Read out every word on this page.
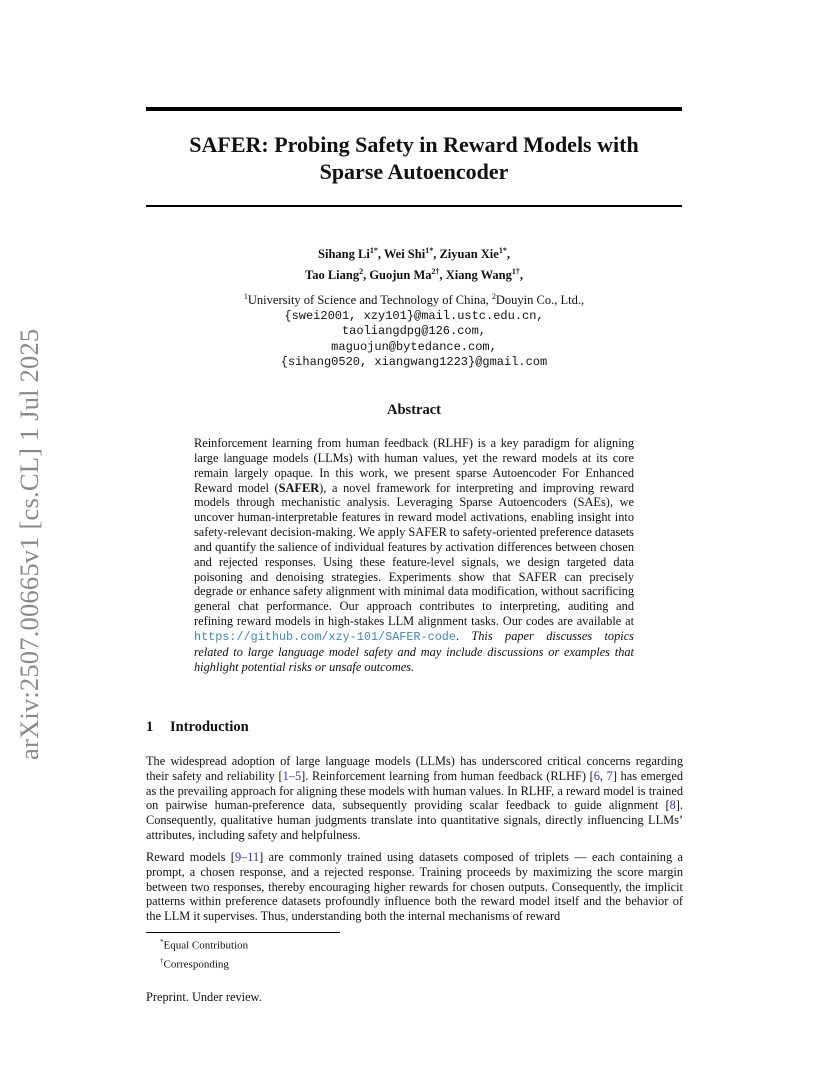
arXiv:2507.00665v1 [cs.CL] 1 Jul 2025
SAFER: Probing Safety in Reward Models with
Sparse Autoencoder
Sihang $Li^{1*}$, Wei Shi$^{1*}$, Ziyuan Xie$^{1*}$,
Tao Liang$^2$, Guojun $Ma^{2\dagger}$, Xiang Wang$^{1\dagger}$,
$^1$University of Science and Technology of China, $^2$Douyin Co., Ltd.,
{swei2001, xzy101}@mail.ustc.edu.cn,
taoliangdpg@126.com,
maguojun@bytedance.com,
{sihang0520, xiangwang1223}@gmail.com
Abstract
Reinforcement learning from human feedback (RLHF) is a key paradigm for aligning large language models (LLMs) with human values, yet the reward models at its core remain largely opaque. In this work, we present sparse Autoencoder For Enhanced Reward model (SAFER), a novel framework for interpreting and improving reward models through mechanistic analysis. Leveraging Sparse Autoencoders (SAEs), we uncover human-interpretable features in reward model activations, enabling insight into safety-relevant decision-making. We apply SAFER to safety-oriented preference datasets and quantify the salience of individual features by activation differences between chosen and rejected responses. Using these feature-level signals, we design targeted data poisoning and denoising strategies. Experiments show that SAFER can precisely degrade or enhance safety alignment with minimal data modification, without sacrificing general chat performance. Our approach contributes to interpreting, auditing and refining reward models in high-stakes LLM alignment tasks. Our codes are available at https://github.com/xzy-101/SAFER-code. This paper discusses topics related to large language model safety and may include discussions or examples that highlight potential risks or unsafe outcomes.
1 Introduction
The widespread adoption of large language models (LLMs) has underscored critical concerns regarding their safety and reliability [1–5]. Reinforcement learning from human feedback (RLHF) [6, 7] has emerged as the prevailing approach for aligning these models with human values. In RLHF, a reward model is trained on pairwise human-preference data, subsequently providing scalar feedback to guide alignment [8]. Consequently, qualitative human judgments translate into quantitative signals, directly influencing LLMs’ attributes, including safety and helpfulness.
Reward models [9–11] are commonly trained using datasets composed of triplets — each containing a prompt, a chosen response, and a rejected response. Training proceeds by maximizing the score margin between two responses, thereby encouraging higher rewards for chosen outputs. Consequently, the implicit patterns within preference datasets profoundly influence both the reward model itself and the behavior of the LLM it supervises. Thus, understanding both the internal mechanisms of reward
*Equal Contribution
†Corresponding
Preprint. Under review.
